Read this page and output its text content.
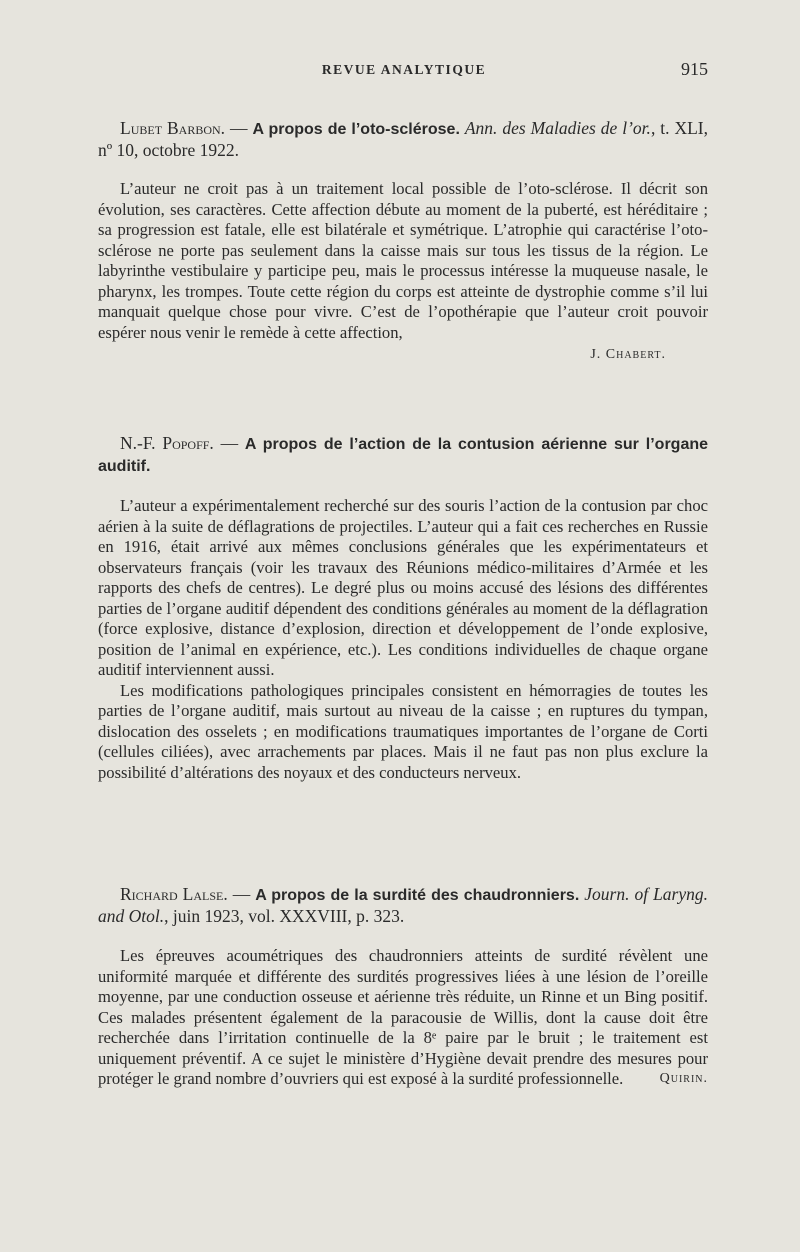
REVUE ANALYTIQUE	915

Lubet Barbon. — A propos de l’oto-sclérose. Ann. des Maladies de l’or., t. XLI, nº 10, octobre 1922.

L’auteur ne croit pas à un traitement local possible de l’oto-sclérose. Il décrit son évolution, ses caractères. Cette affection débute au moment de la puberté, est héréditaire ; sa progression est fatale, elle est bilatérale et symétrique. L’atrophie qui caractérise l’oto-sclérose ne porte pas seulement dans la caisse mais sur tous les tissus de la région. Le labyrinthe vestibulaire y participe peu, mais le processus intéresse la muqueuse nasale, le pharynx, les trompes. Toute cette région du corps est atteinte de dystrophie comme s’il lui manquait quelque chose pour vivre. C’est de l’opothérapie que l’auteur croit pouvoir espérer nous venir le remède à cette affection,

J. Chabert.

N.-F. Popoff. — A propos de l’action de la contusion aérienne sur l’organe auditif.

L’auteur a expérimentalement recherché sur des souris l’action de la contusion par choc aérien à la suite de déflagrations de projectiles. L’auteur qui a fait ces recherches en Russie en 1916, était arrivé aux mêmes conclusions générales que les expérimentateurs et observateurs français (voir les travaux des Réunions médico-militaires d’Armée et les rapports des chefs de centres). Le degré plus ou moins accusé des lésions des différentes parties de l’organe auditif dépendent des conditions générales au moment de la déflagration (force explosive, distance d’explosion, direction et développement de l’onde explosive, position de l’animal en expérience, etc.). Les conditions individuelles de chaque organe auditif interviennent aussi.

Les modifications pathologiques principales consistent en hémorragies de toutes les parties de l’organe auditif, mais surtout au niveau de la caisse ; en ruptures du tympan, dislocation des osselets ; en modifications traumatiques importantes de l’organe de Corti (cellules ciliées), avec arrachements par places. Mais il ne faut pas non plus exclure la possibilité d’altérations des noyaux et des conducteurs nerveux.

Richard Lalse. — A propos de la surdité des chaudronniers. Journ. of Laryng. and Otol., juin 1923, vol. XXXVIII, p. 323.

Les épreuves acoumétriques des chaudronniers atteints de surdité révèlent une uniformité marquée et différente des surdités progressives liées à une lésion de l’oreille moyenne, par une conduction osseuse et aérienne très réduite, un Rinne et un Bing positif. Ces malades présentent également de la paracousie de Willis, dont la cause doit être recherchée dans l’irritation continuelle de la 8ᵉ paire par le bruit ; le traitement est uniquement préventif. A ce sujet le ministère d’Hygiène devait prendre des mesures pour protéger le grand nombre d’ouvriers qui est exposé à la surdité professionnelle.	Quirin.
